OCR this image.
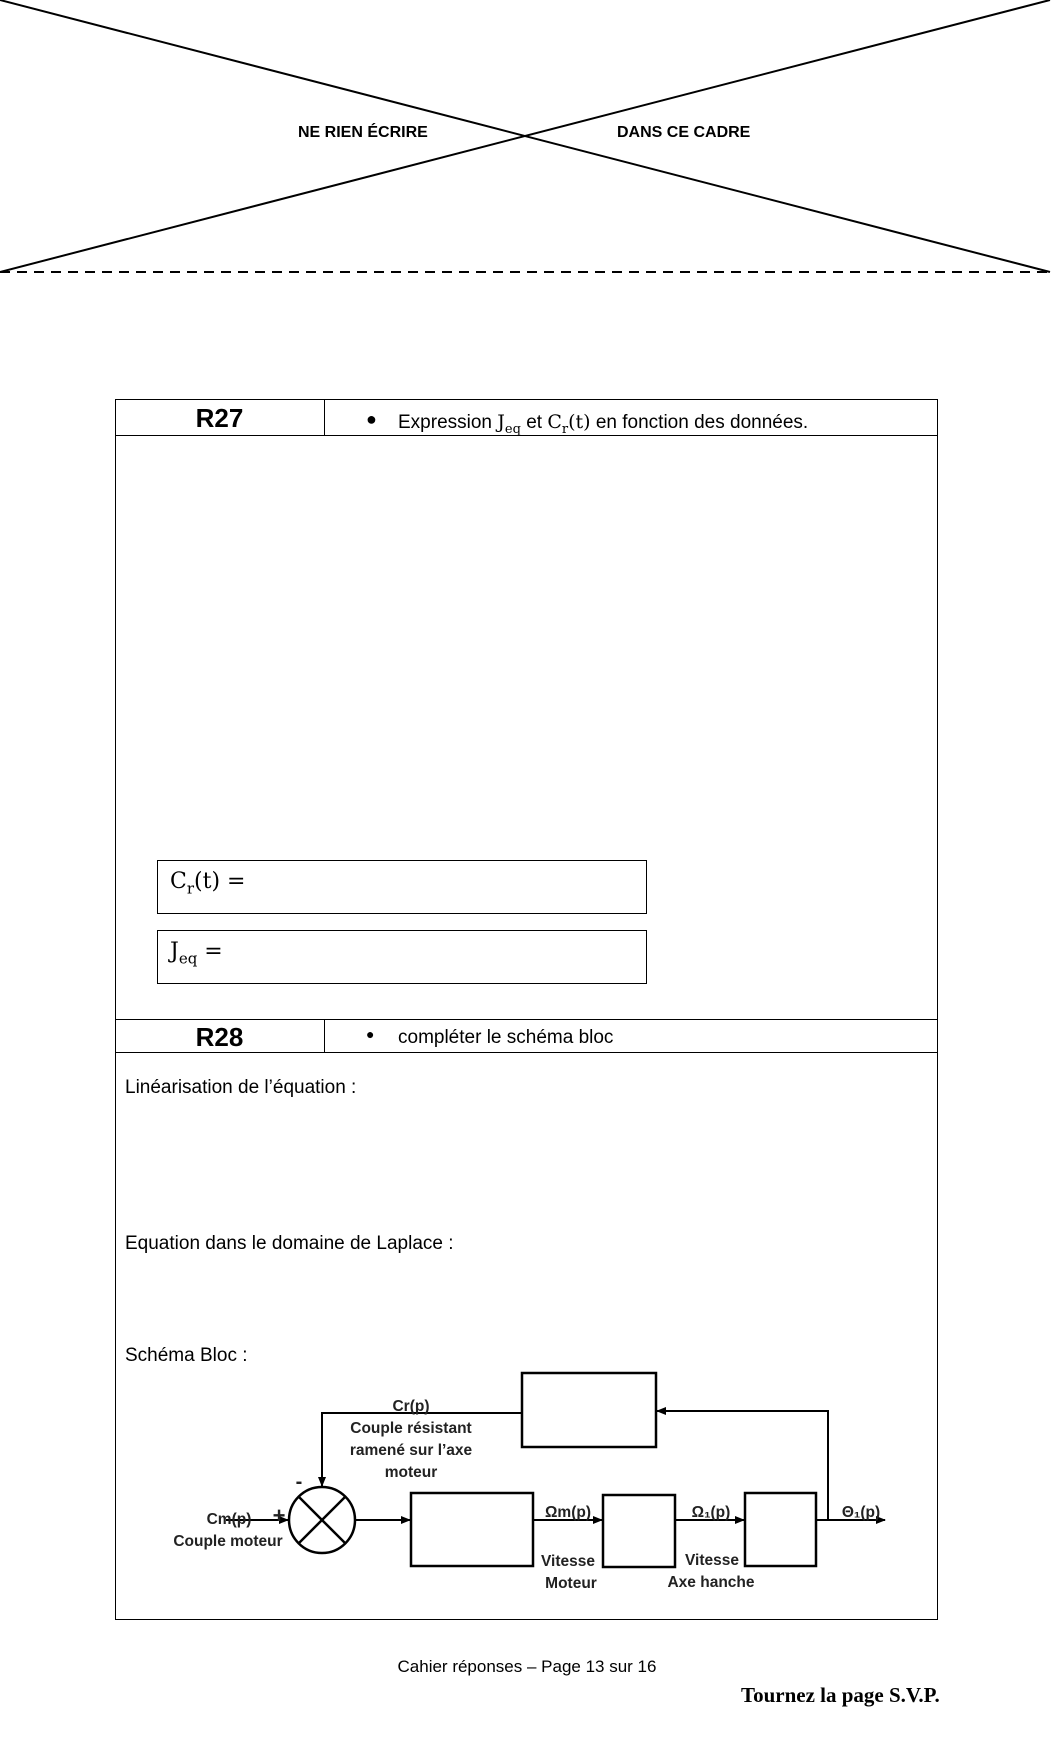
NE RIEN ÉCRIRE	DANS CE CADRE
R27	● Expression $J_{eq}$ et $C_r(t)$ en fonction des données.
$C_r(t)$ =
$J_{eq}$ =
R28	● compléter le schéma bloc
Linéarisation de l’équation :
Equation dans le domaine de Laplace :
Schéma Bloc :
Cr(p)
Couple résistant
ramené sur l’axe
moteur
-
+
Cm(p)
Couple moteur
Ωm(p)
Vitesse
Moteur
Ω₁(p)
Vitesse
Axe hanche
Θ₁(p)
Cahier réponses – Page 13 sur 16
Tournez la page S.V.P.
